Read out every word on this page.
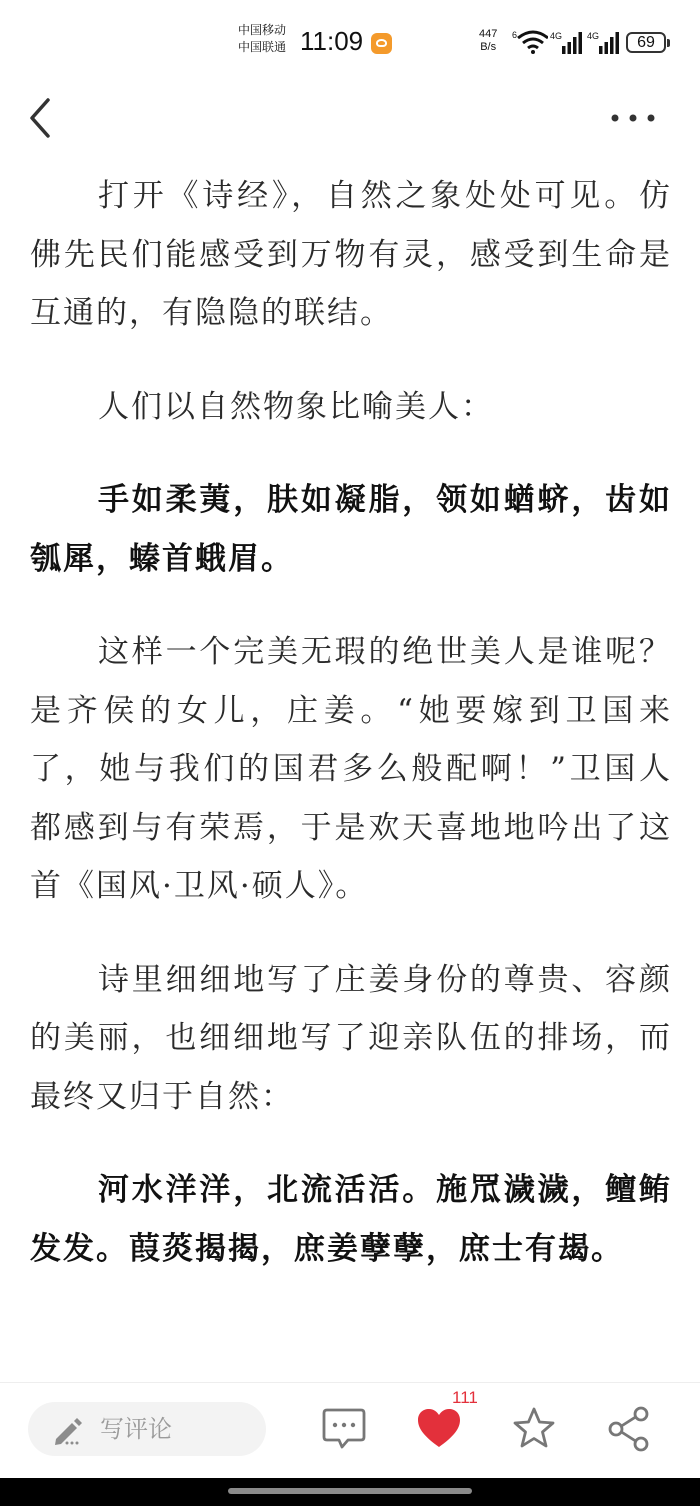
中国移动
中国联通 11:09	447
B/s
6	4G	4G	69

打开《诗经》，自然之象处处可见。仿佛先民们能感受到万物有灵，感受到生命是互通的，有隐隐的联结。

人们以自然物象比喻美人：

手如柔荑，肤如凝脂，领如蝤蛴，齿如瓠犀，螓首蛾眉。

这样一个完美无瑕的绝世美人是谁呢？是齐侯的女儿，庄姜。“她要嫁到卫国来了，她与我们的国君多么般配啊！”卫国人都感到与有荣焉，于是欢天喜地地吟出了这首《国风·卫风·硕人》。

诗里细细地写了庄姜身份的尊贵、容颜的美丽，也细细地写了迎亲队伍的排场，而最终又归于自然：

河水洋洋，北流活活。施罛濊濊，鳣鲔发发。葭菼揭揭，庶姜孽孽，庶士有朅。

写评论
111
